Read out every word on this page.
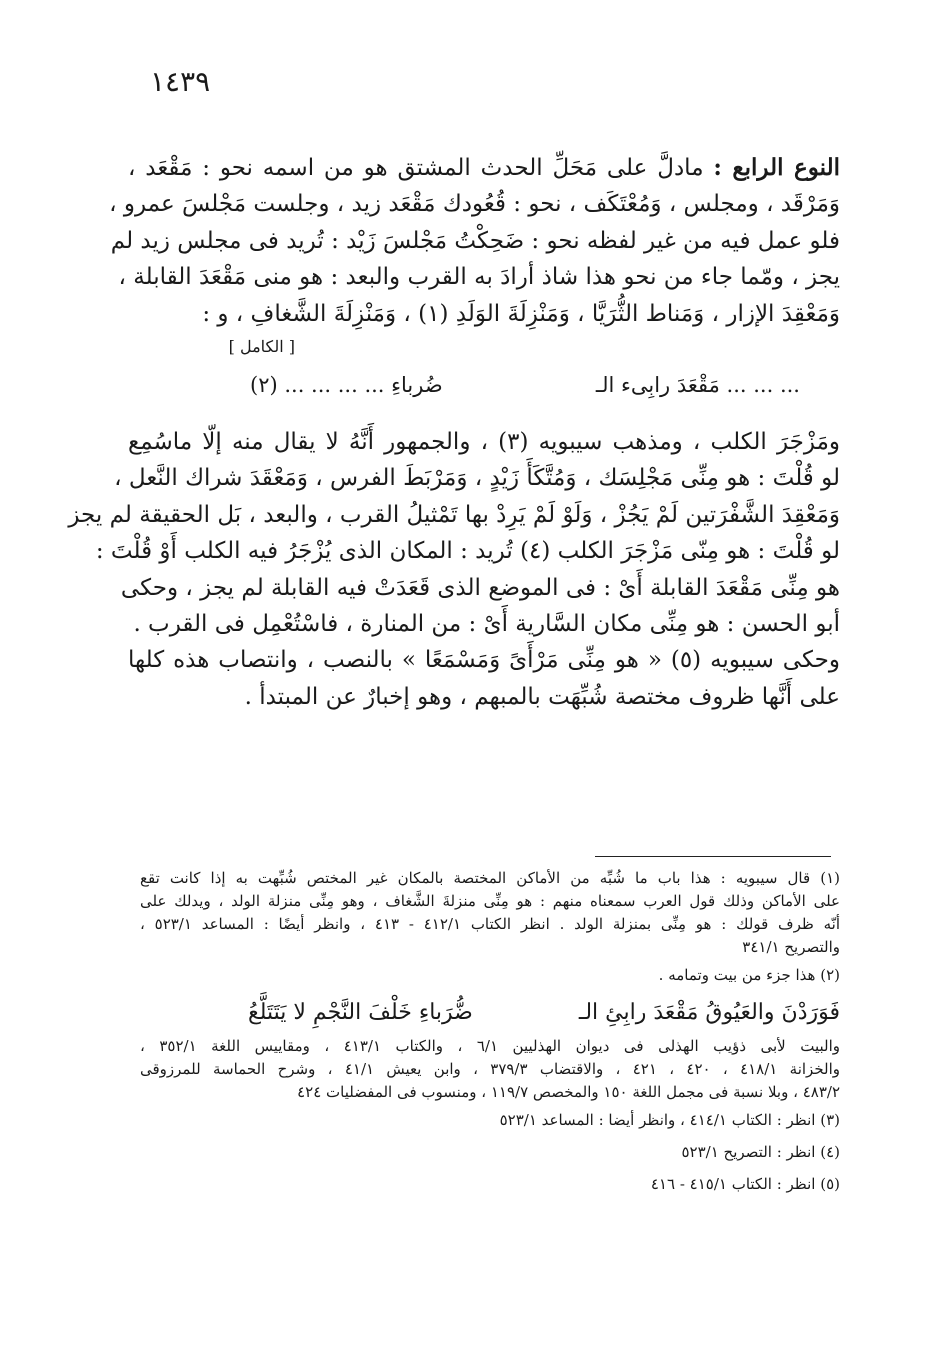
١٤٣٩
النوع الرابع : مادلَّ على مَحَلِّ الحدث المشتق هو من اسمه نحو : مَقْعَد ،
وَمَرْقَد ، ومجلس ، وَمُعْتَكَف ، نحو : قُعُودك مَقْعَد زيد ، وجلست مَجْلسَ عمرو ،
فلو عمل فيه من غير لفظه نحو : ضَحِكْتُ مَجْلسَ زَيْد : تُريد فى مجلس زيد لم
يجز ، ومّما جاء من نحو هذا شاذ أرادَ به القرب والبعد : هو منى مَقْعَدَ القابلة ،
وَمَعْقِدَ الإزار ، وَمَناط الثُّرَيَّا ، وَمَنْزِلَةَ الوَلَدِ (١) ، وَمَنْزِلَةَ الشَّغافِ ، و :
[ الكامل ]
... ... ... مَقْعَدَ رابِىء الـضُرباءِ ... ... ... ... (٢)
ومَزْجَرَ الكلب ، ومذهب سيبويه (٣) ، والجمهور أَنَّهُ لا يقال منه إلّا ماسُمِع
لو قُلْتَ : هو مِنِّى مَجْلِسَك ، وَمُتَّكَأَ زَيْدٍ ، وَمَرْبَطَ الفرس ، وَمَعْقَدَ شراك النَّعل ،
وَمَعْقِدَ الشَّفْرَتين لَمْ يَجُزْ ، وَلَوْ لَمْ يَرِدْ بها تَمْثيلُ القرب ، والبعد ، بَل الحقيقة لم يجز
لو قُلْتَ : هو مِنّى مَزْجَرَ الكلب (٤) تُريد : المكان الذى يُزْجَرُ فيه الكلب أَوْ قُلْتَ :
هو مِنِّى مَقْعَدَ القابلة أَىْ : فى الموضع الذى قَعَدَتْ فيه القابلة لم يجز ، وحكى
أبو الحسن : هو مِنِّى مكان السَّارية أَىْ : من المنارة ، فاسْتُعْمِل فى القرب .
وحكى سيبويه (٥) « هو مِنِّى مَرْأَىً وَمَسْمَعًا » بالنصب ، وانتصاب هذه كلها
على أَنَّها ظروف مختصة شُبِّهَت بالمبهم ، وهو إخبارٌ عن المبتدأ .
(١) قال سيبويه : هذا باب ما شُبِّه من الأماكن المختصة بالمكان غير المختص شُبِّهت به إذا كانت تقع
على الأماكن وذلك قول العرب سمعناه منهم : هو مِنِّى منزلةَ الشَّغاف ، وهو مِنِّى منزلة الولد ، ويدلك على
أنّه ظرف قولك : هو مِنِّى بمنزلة الولد . انظر الكتاب ٤١٢/١ - ٤١٣ ، وانظر أيضًا : المساعد ٥٢٣/١ ،
والتصريح ٣٤١/١
(٢) هذا جزء من بيت وتمامه .
فَوَرَدْنَ والعَيُوقُ مَقْعَدَ رابِئِ الـضُّرَباءِ خَلْفَ النَّجْمِ لا يَتَتَلَّعُ
والبيت لأبى ذؤيب الهذلى فى ديوان الهذليين ٦/١ ، والكتاب ٤١٣/١ ، ومقاييس اللغة ٣٥٢/١ ،
والخزانة ٤١٨/١ ، ٤٢٠ ، ٤٢١ ، والاقتضاب ٣٧٩/٣ ، وابن يعيش ٤١/١ ، وشرح الحماسة للمرزوقى
٤٨٣/٢ ، وبلا نسبة فى مجمل اللغة ١٥٠ والمخصص ١١٩/٧ ، ومنسوب فى المفضليات ٤٢٤
(٣) انظر : الكتاب ٤١٤/١ ، وانظر أيضا : المساعد ٥٢٣/١
(٤) انظر : التصريح ٥٢٣/١
(٥) انظر : الكتاب ٤١٥/١ - ٤١٦
